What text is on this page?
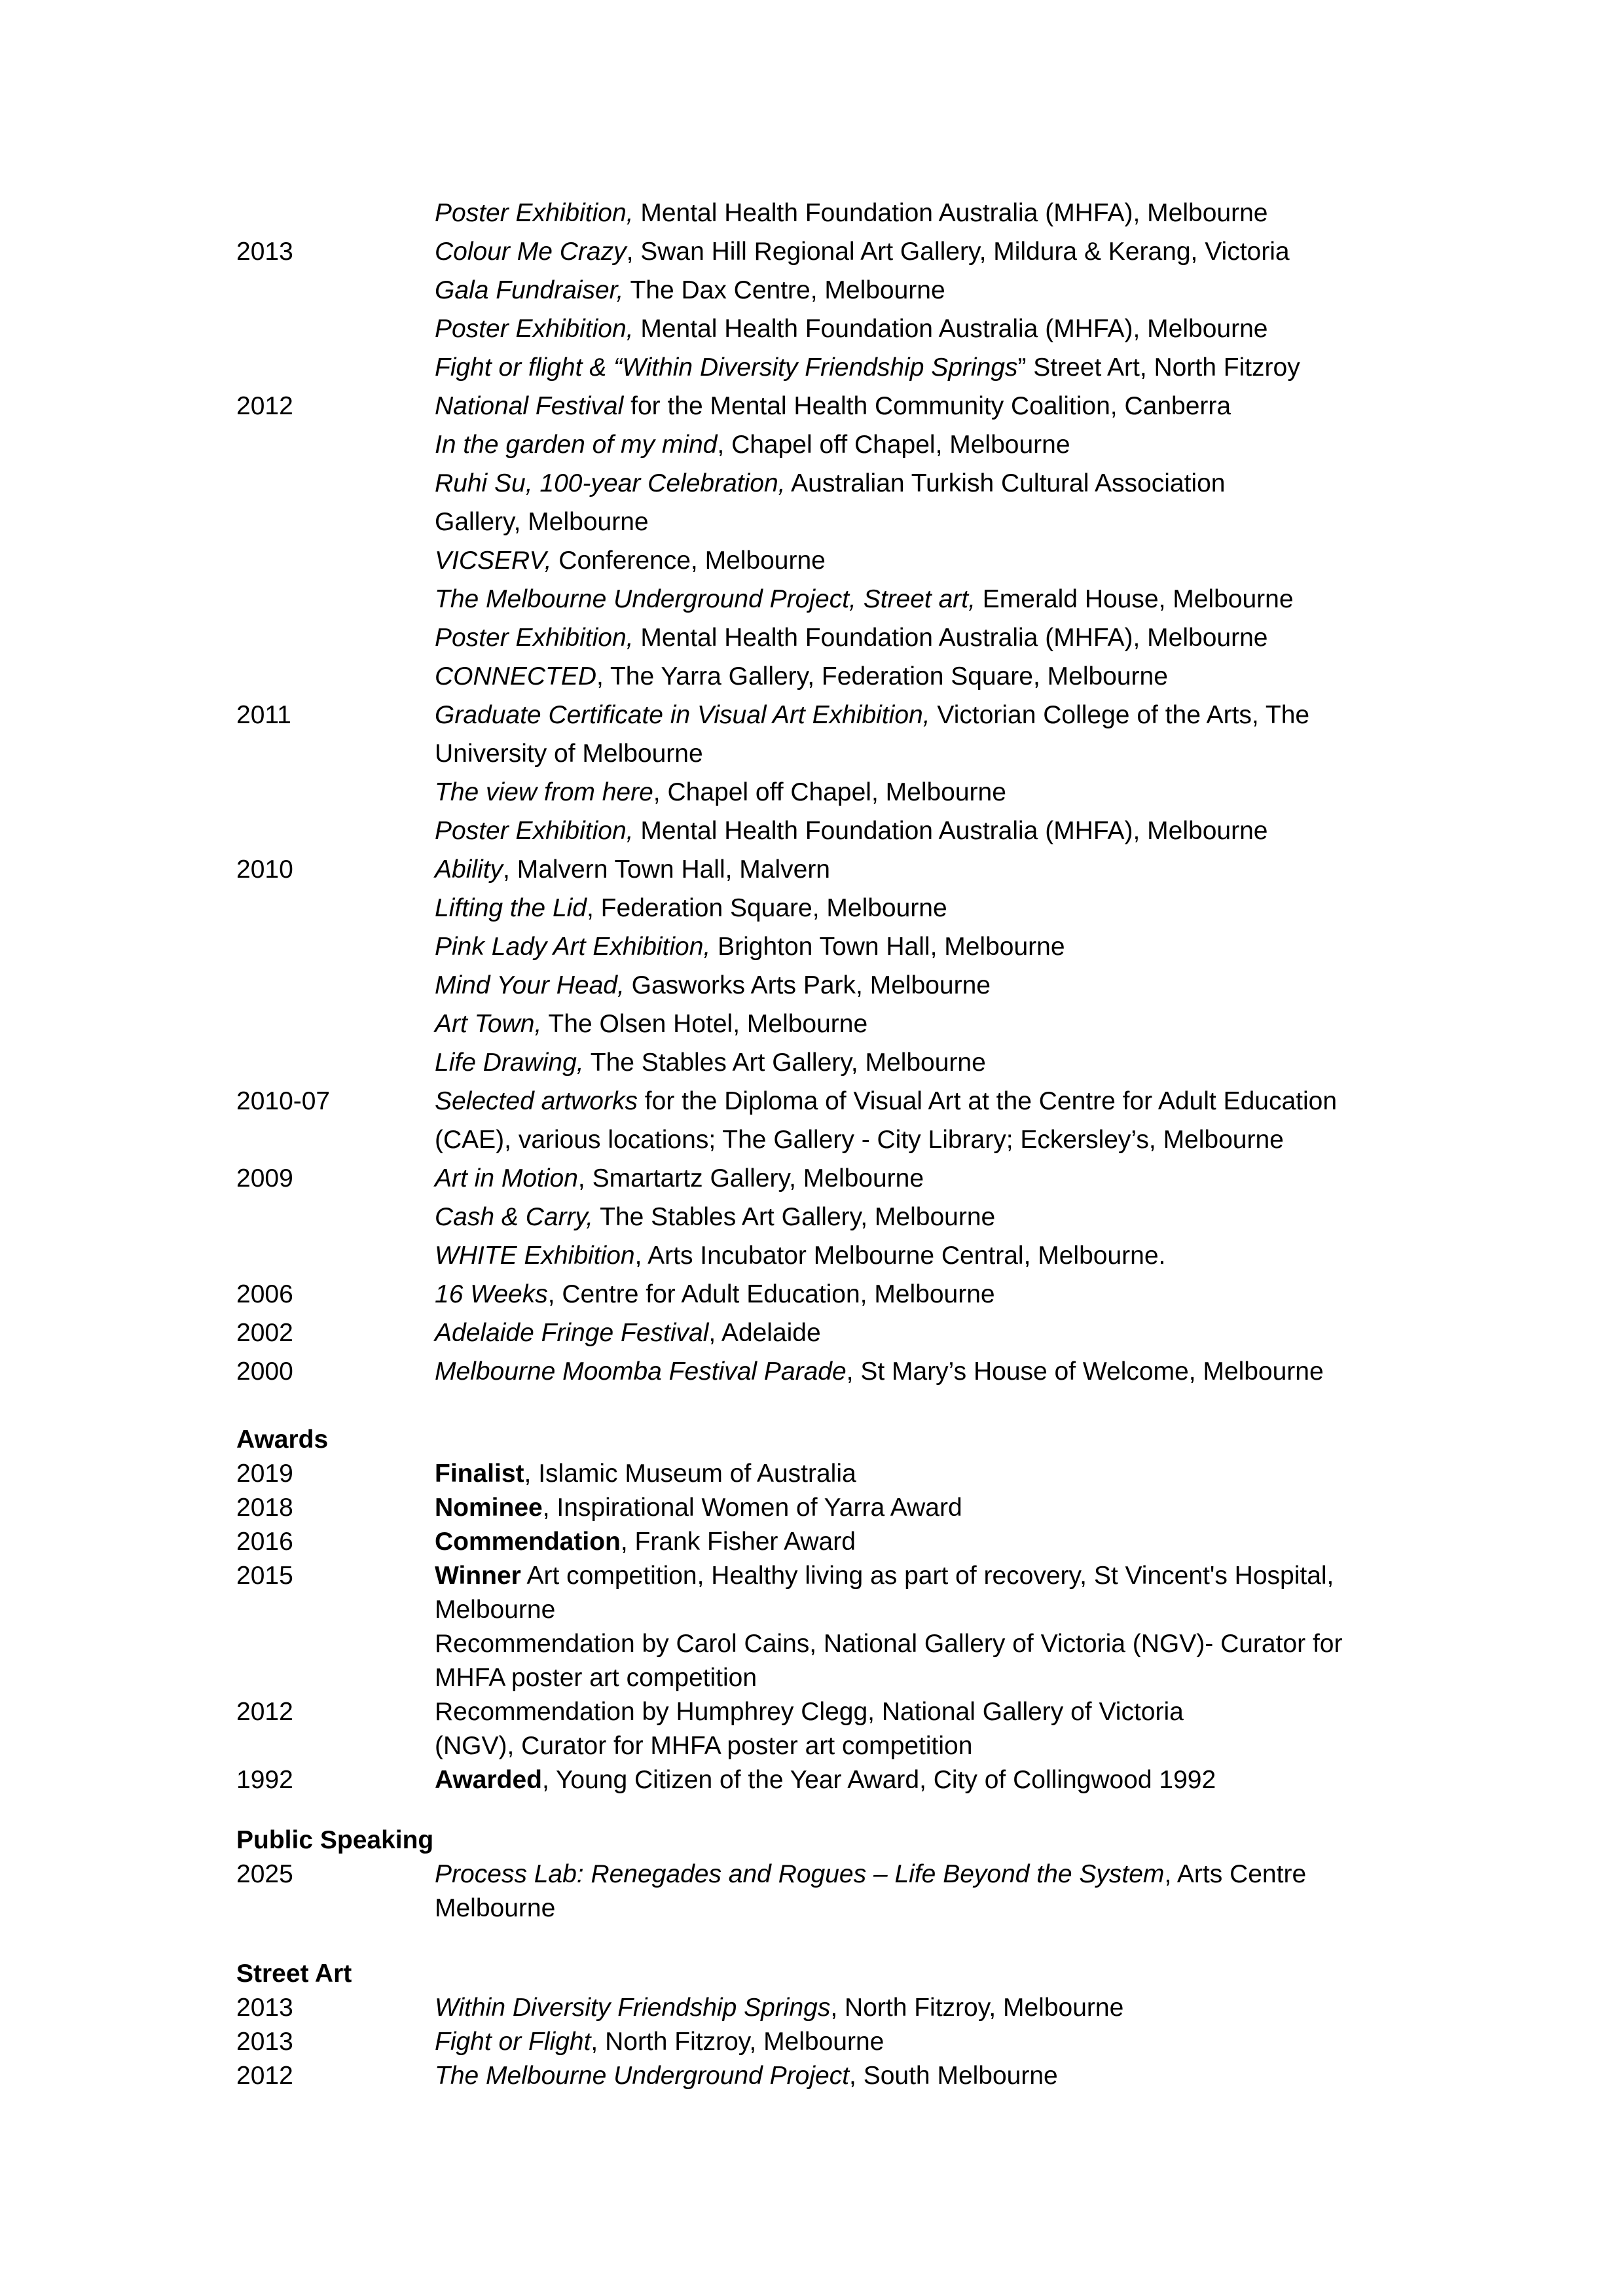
Poster Exhibition, Mental Health Foundation Australia (MHFA), Melbourne
2013	Colour Me Crazy, Swan Hill Regional Art Gallery, Mildura & Kerang, Victoria
Gala Fundraiser, The Dax Centre, Melbourne
Poster Exhibition, Mental Health Foundation Australia (MHFA), Melbourne
Fight or flight & “Within Diversity Friendship Springs” Street Art, North Fitzroy
2012	National Festival for the Mental Health Community Coalition, Canberra
In the garden of my mind, Chapel off Chapel, Melbourne
Ruhi Su, 100-year Celebration, Australian Turkish Cultural Association
Gallery, Melbourne
VICSERV, Conference, Melbourne
The Melbourne Underground Project, Street art, Emerald House, Melbourne
Poster Exhibition, Mental Health Foundation Australia (MHFA), Melbourne
CONNECTED, The Yarra Gallery, Federation Square, Melbourne
2011	Graduate Certificate in Visual Art Exhibition, Victorian College of the Arts, The
University of Melbourne
The view from here, Chapel off Chapel, Melbourne
Poster Exhibition, Mental Health Foundation Australia (MHFA), Melbourne
2010	Ability, Malvern Town Hall, Malvern
Lifting the Lid, Federation Square, Melbourne
Pink Lady Art Exhibition, Brighton Town Hall, Melbourne
Mind Your Head, Gasworks Arts Park, Melbourne
Art Town, The Olsen Hotel, Melbourne
Life Drawing, The Stables Art Gallery, Melbourne
2010-07	Selected artworks for the Diploma of Visual Art at the Centre for Adult Education
(CAE), various locations; The Gallery - City Library; Eckersley’s, Melbourne
2009	Art in Motion, Smartartz Gallery, Melbourne
Cash & Carry, The Stables Art Gallery, Melbourne
WHITE Exhibition, Arts Incubator Melbourne Central, Melbourne.
2006	16 Weeks, Centre for Adult Education, Melbourne
2002	Adelaide Fringe Festival, Adelaide
2000	Melbourne Moomba Festival Parade, St Mary’s House of Welcome, Melbourne
Awards
2019	Finalist, Islamic Museum of Australia
2018	Nominee, Inspirational Women of Yarra Award
2016	Commendation, Frank Fisher Award
2015	Winner Art competition, Healthy living as part of recovery, St Vincent's Hospital,
Melbourne
Recommendation by Carol Cains, National Gallery of Victoria (NGV)- Curator for
MHFA poster art competition
2012	Recommendation by Humphrey Clegg, National Gallery of Victoria
(NGV), Curator for MHFA poster art competition
1992	Awarded, Young Citizen of the Year Award, City of Collingwood 1992
Public Speaking
2025	Process Lab: Renegades and Rogues – Life Beyond the System, Arts Centre
Melbourne
Street Art
2013	Within Diversity Friendship Springs, North Fitzroy, Melbourne
2013	Fight or Flight, North Fitzroy, Melbourne
2012	The Melbourne Underground Project, South Melbourne
